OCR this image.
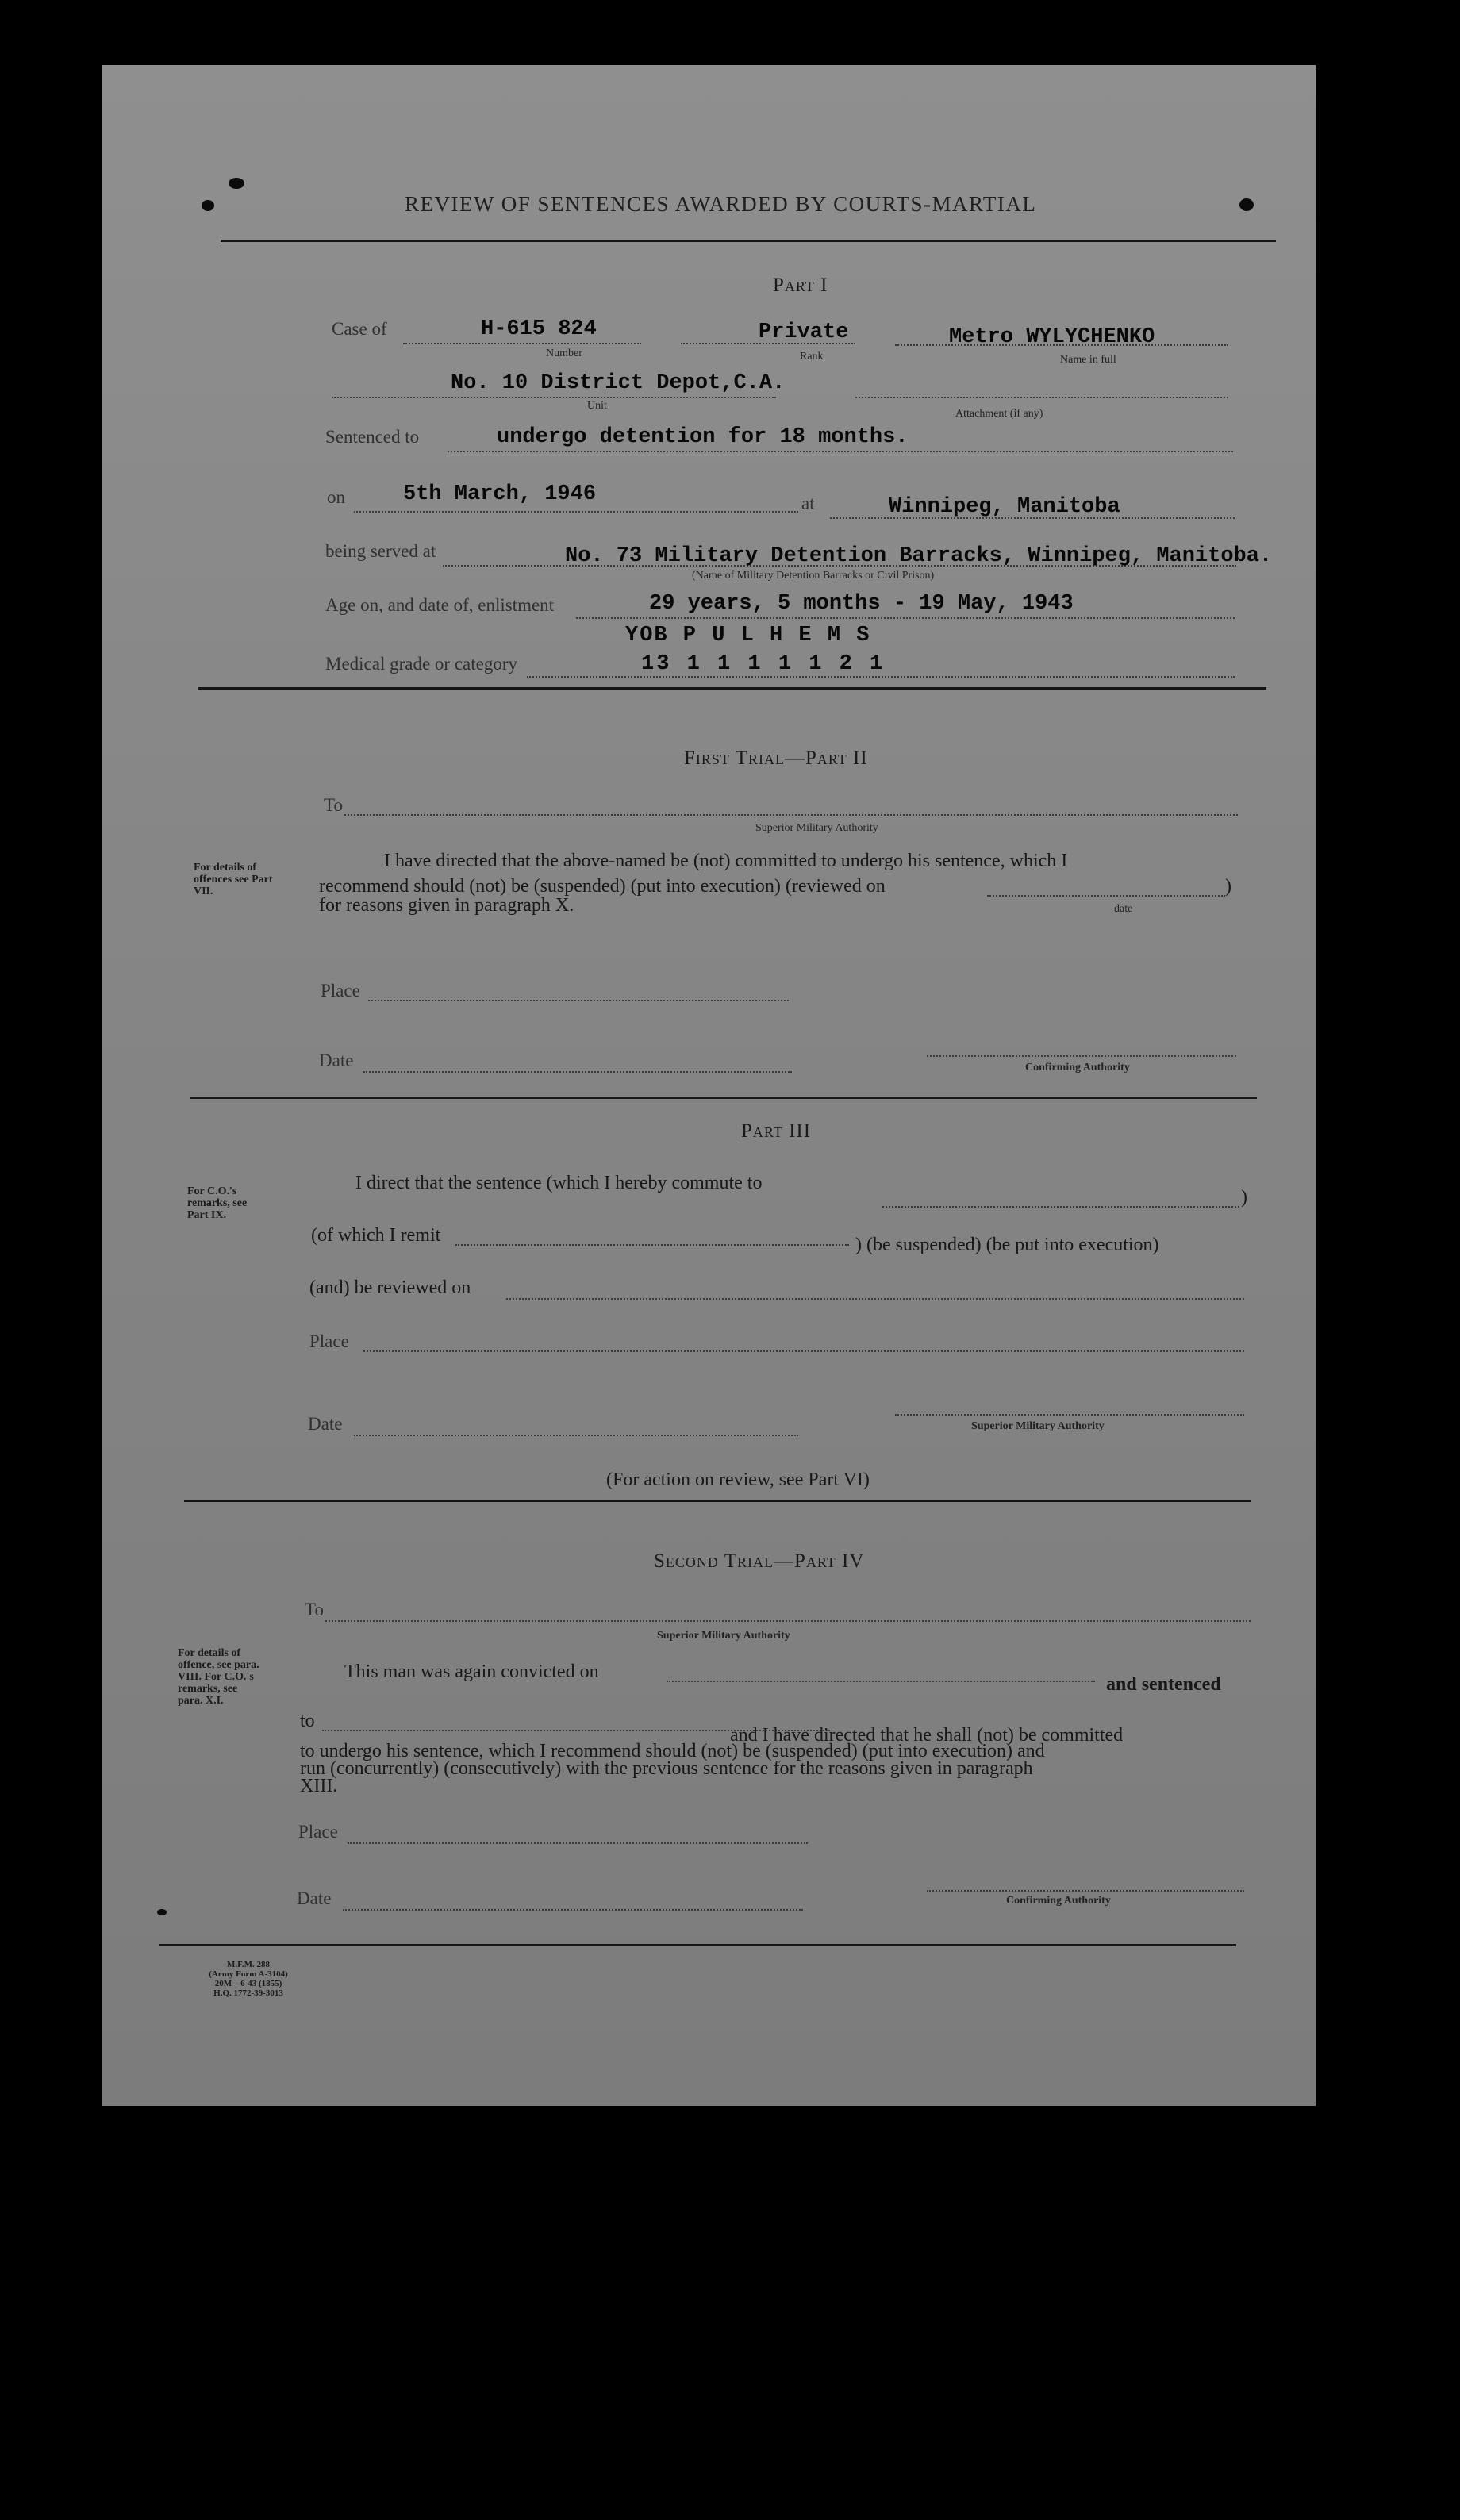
REVIEW OF SENTENCES AWARDED BY COURTS-MARTIAL
Part I
Case of	H-615 824
Number
Private
Rank
Metro WYLYCHENKO
Name in full
No. 10 District Depot,C.A.
Unit
Attachment (if any)
Sentenced to	undergo detention for 18 months.
on	5th March, 1946	at	Winnipeg, Manitoba
being served at	No. 73 Military Detention Barracks, Winnipeg, Manitoba.
(Name of Military Detention Barracks or Civil Prison)
Age on, and date of, enlistment	29 years, 5 months - 19 May, 1943
YOB P U L H E M S
Medical grade or category	13 1 1 1 1 1 2 1
First Trial—Part II
To
Superior Military Authority
For details of offences see Part VII.
I have directed that the above-named be (not) committed to undergo his sentence, which I
recommend should (not) be (suspended) (put into execution) (reviewed on	)
date
for reasons given in paragraph X.
Place
Date	Confirming Authority
Part III
For C.O.'s remarks, see Part IX.
I direct that the sentence (which I hereby commute to
)
(of which I remit	) (be suspended) (be put into execution)
(and) be reviewed on
Place
Date	Superior Military Authority
(For action on review, see Part VI)
Second Trial—Part IV
To
Superior Military Authority
For details of offence, see para. VIII. For C.O.'s remarks, see para. X.I.
This man was again convicted on
and sentenced
to
and I have directed that he shall (not) be committed
to undergo his sentence, which I recommend should (not) be (suspended) (put into execution) and
run (concurrently) (consecutively) with the previous sentence for the reasons given in paragraph
XIII.
Place
Date	Confirming Authority
M.F.M. 288
(Army Form A-3104)
20M—6-43 (1855)
H.Q. 1772-39-3013
